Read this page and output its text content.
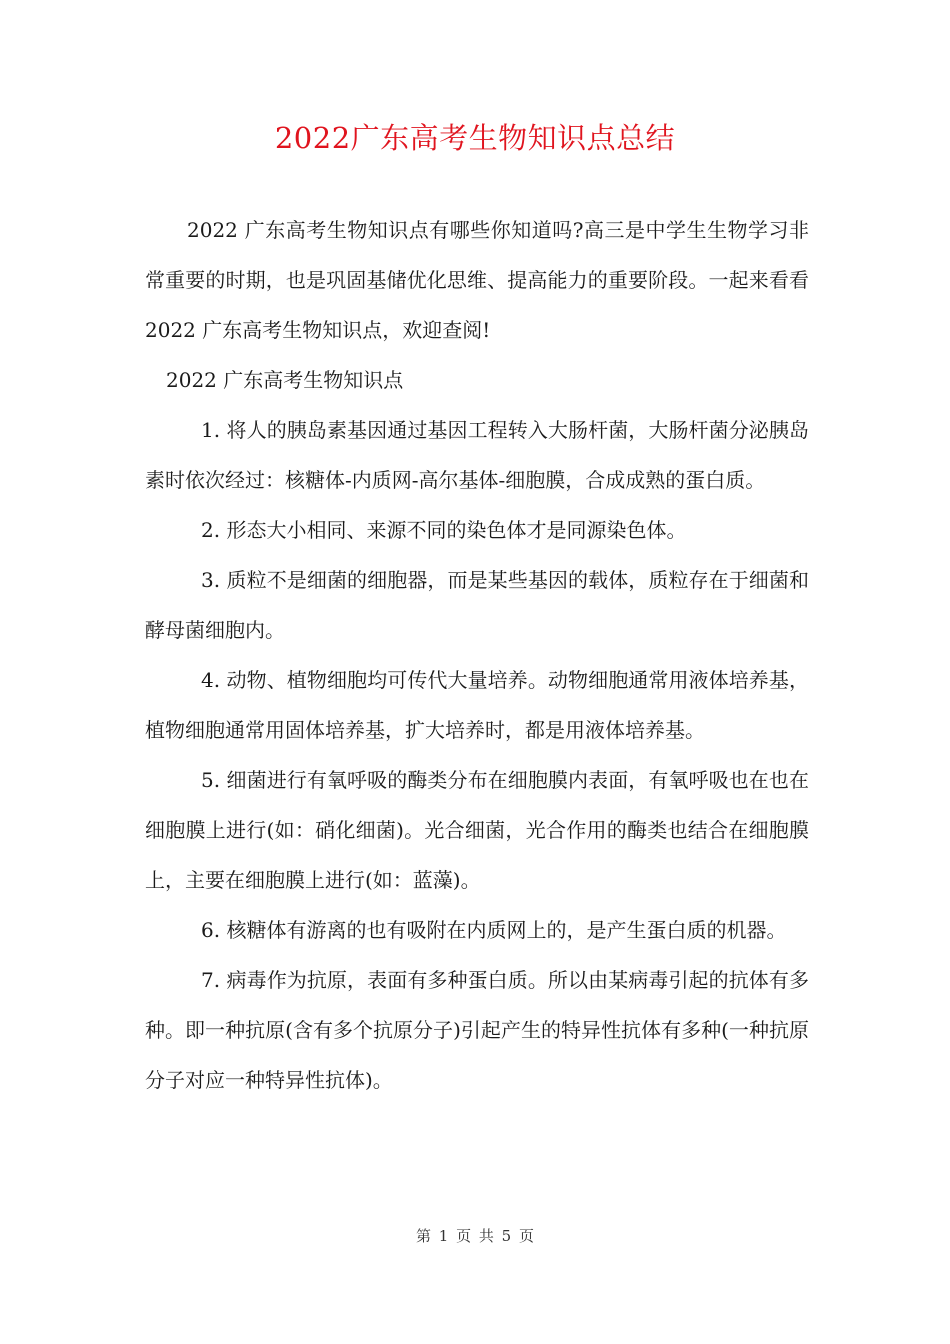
2022广东高考生物知识点总结

2022 广东高考生物知识点有哪些你知道吗?高三是中学生生物学习非常重要的时期，也是巩固基储优化思维、提高能力的重要阶段。一起来看看 2022 广东高考生物知识点，欢迎查阅!

2022 广东高考生物知识点

1. 将人的胰岛素基因通过基因工程转入大肠杆菌，大肠杆菌分泌胰岛素时依次经过：核糖体-内质网-高尔基体-细胞膜，合成成熟的蛋白质。

2. 形态大小相同、来源不同的染色体才是同源染色体。

3. 质粒不是细菌的细胞器，而是某些基因的载体，质粒存在于细菌和酵母菌细胞内。

4. 动物、植物细胞均可传代大量培养。动物细胞通常用液体培养基，植物细胞通常用固体培养基，扩大培养时，都是用液体培养基。

5. 细菌进行有氧呼吸的酶类分布在细胞膜内表面，有氧呼吸也在也在细胞膜上进行(如：硝化细菌)。光合细菌，光合作用的酶类也结合在细胞膜上，主要在细胞膜上进行(如：蓝藻)。

6. 核糖体有游离的也有吸附在内质网上的，是产生蛋白质的机器。

7. 病毒作为抗原，表面有多种蛋白质。所以由某病毒引起的抗体有多种。即一种抗原(含有多个抗原分子)引起产生的特异性抗体有多种(一种抗原分子对应一种特异性抗体)。

第 1 页 共 5 页
